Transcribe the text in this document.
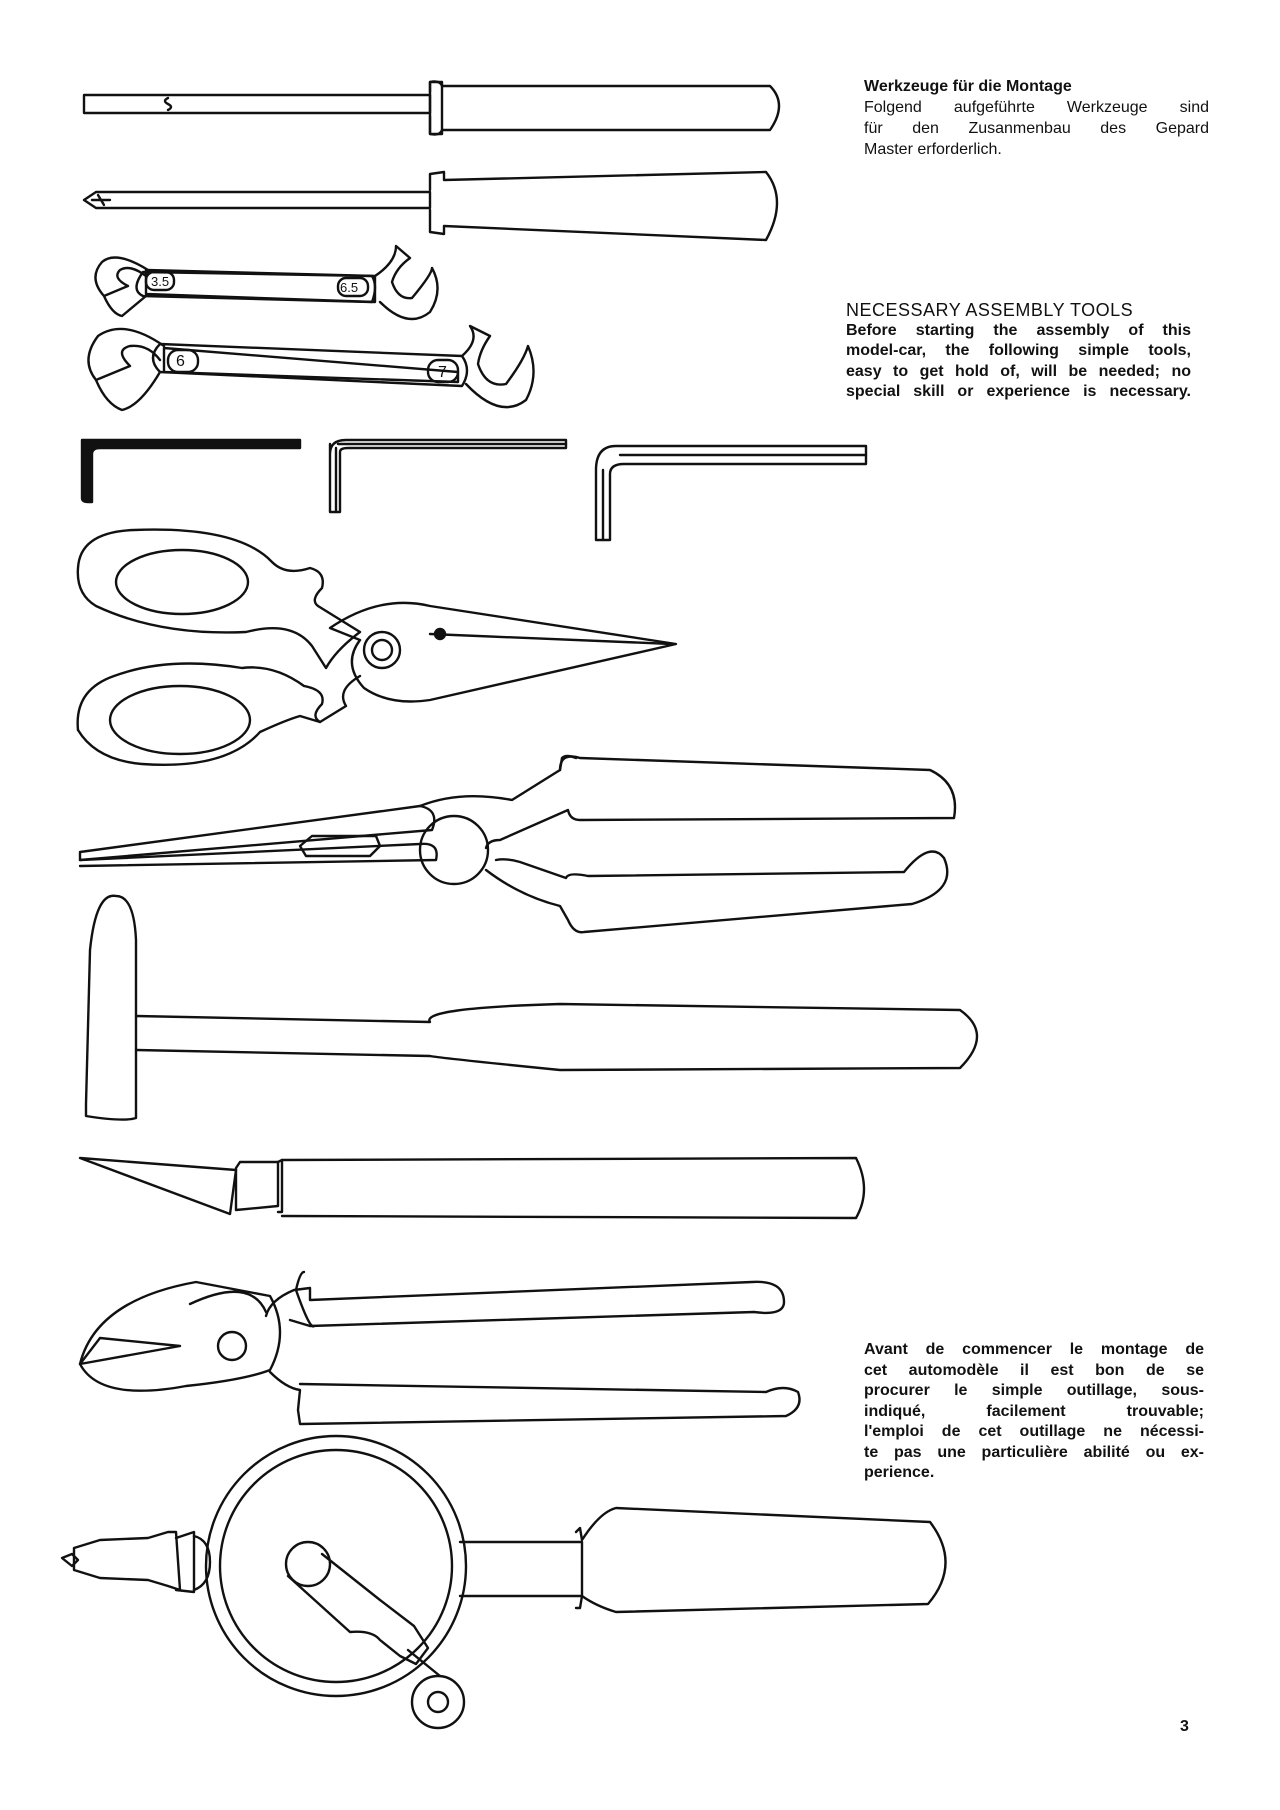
3.5	6.5
6
7
Werkzeuge für die Montage
Folgend aufgeführte Werkzeuge sind
für den Zusanmenbau des Gepard
Master erforderlich.
NECESSARY ASSEMBLY TOOLS
Before starting the assembly of this
model-car, the following simple tools,
easy to get hold of, will be needed; no
special skill or experience is necessary.
Avant de commencer le montage de
cet automodèle il est bon de se
procurer le simple outillage, sous-
indiqué, facilement trouvable;
l'emploi de cet outillage ne nécessi-
te pas une particulière abilité ou ex-
perience.
3
